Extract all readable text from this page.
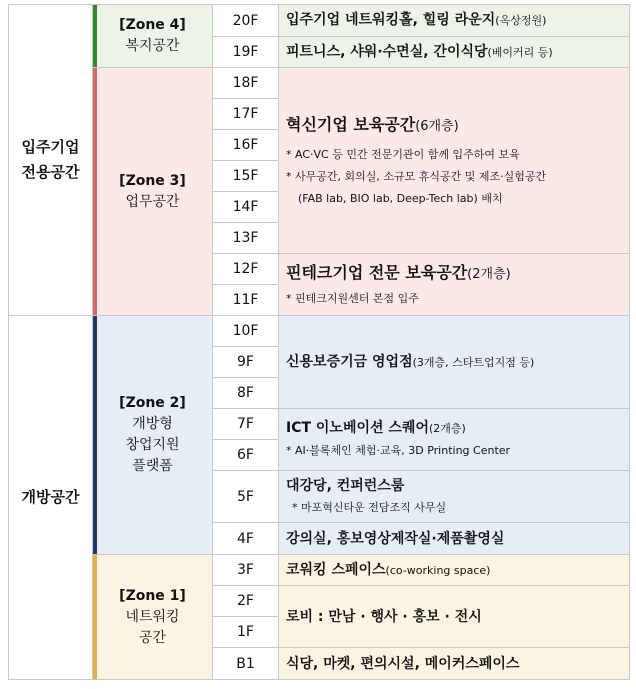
입주기업
전용공간
개방공간
[Zone 4]
복지공간
[Zone 3]
업무공간
[Zone 2]
개방형
창업지원
플랫폼
[Zone 1]
네트워킹
공간
20F
19F
18F
17F
16F
15F
14F
13F
12F
11F
10F
9F
8F
7F
6F
5F
4F
3F
2F
1F
B1
입주기업 네트워킹홀, 힐링 라운지(옥상정원)
피트니스, 샤워·수면실, 간이식당(베이커리 등)
혁신기업 보육공간(6개층)
* AC·VC 등 민간 전문기관이 함께 입주하여 보육
* 사무공간, 회의실, 소규모 휴식공간 및 제조·실험공간
(FAB lab, BIO lab, Deep-Tech lab) 배치
핀테크기업 전문 보육공간(2개층)
* 핀테크지원센터 본점 입주
신용보증기금 영업점(3개층, 스타트업지점 등)
ICT 이노베이션 스퀘어(2개층)
* AI·블록체인 체험·교육, 3D Printing Center
대강당, 컨퍼런스룸
* 마포혁신타운 전담조직 사무실
강의실, 홍보영상제작실·제품촬영실
코워킹 스페이스(co-working space)
로비 : 만남 · 행사 · 홍보 · 전시
식당, 마켓, 편의시설, 메이커스페이스
